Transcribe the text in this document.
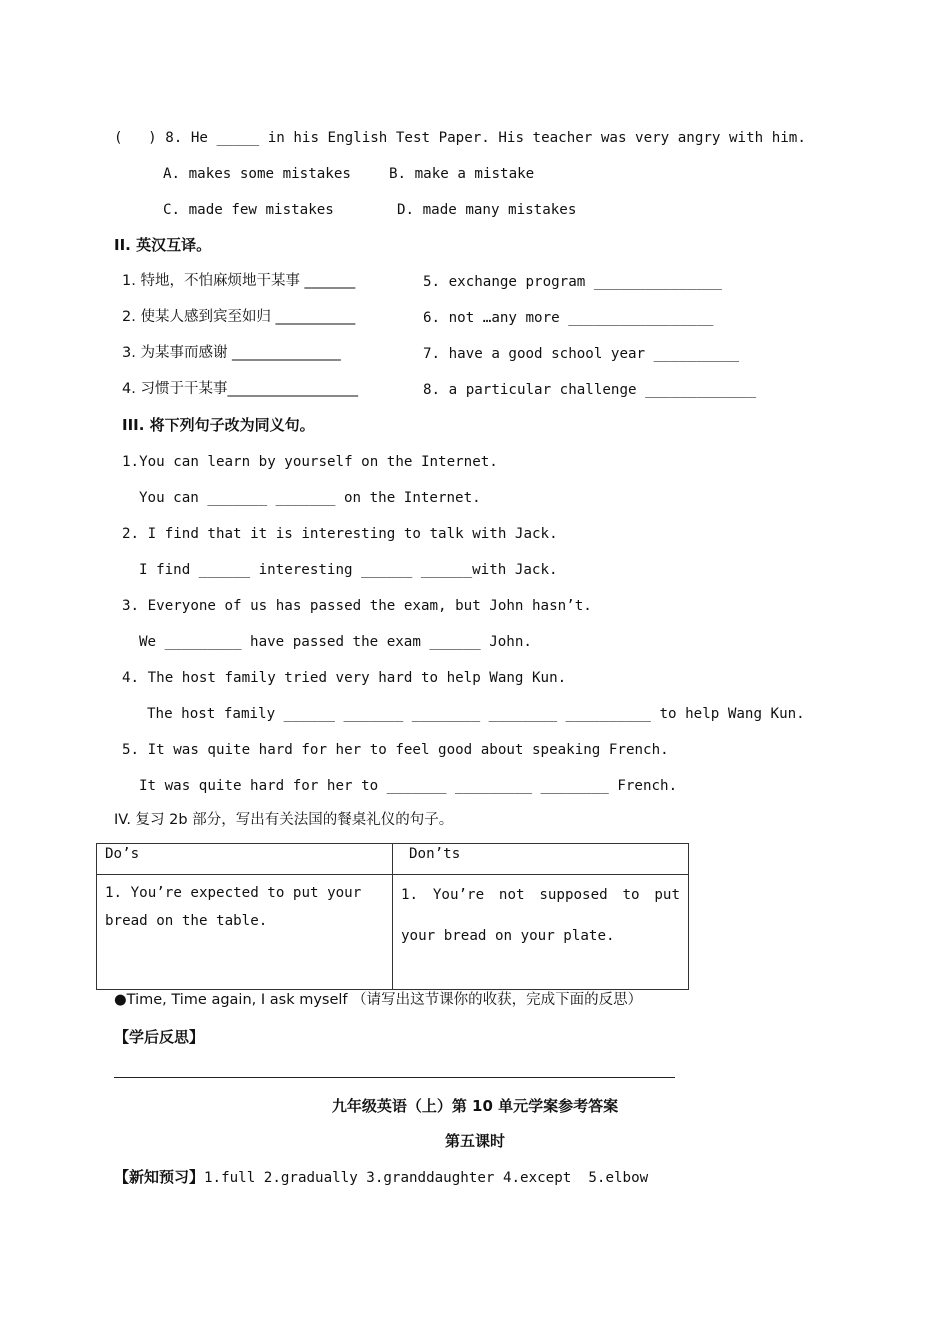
(   ) 8. He _____ in his English Test Paper. His teacher was very angry with him.
A. makes some mistakes	B. make a mistake
C. made few mistakes	D. made many mistakes
II. 英汉互译。
1. 特地，不怕麻烦地干某事 _______
2. 使某人感到宾至如归 ___________
3. 为某事而感谢 _______________
4. 习惯于干某事__________________
5. exchange program _______________
6. not …any more _________________
7. have a good school year __________
8. a particular challenge _____________
III. 将下列句子改为同义句。
1.You can learn by yourself on the Internet.
You can _______ _______ on the Internet.
2. I find that it is interesting to talk with Jack.
I find ______ interesting ______ ______with Jack.
3. Everyone of us has passed the exam, but John hasn’t.
We _________ have passed the exam ______ John.
4. The host family tried very hard to help Wang Kun.
The host family ______ _______ ________ ________ __________ to help Wang Kun.
5. It was quite hard for her to feel good about speaking French.
It was quite hard for her to _______ _________ ________ French.
IV. 复习 2b 部分，写出有关法国的餐桌礼仪的句子。
Do’s	Don’ts
1. You’re expected to put your bread on the table.	1. You’re not supposed to put your bread on your plate.
●Time, Time again, I ask myself （请写出这节课你的收获，完成下面的反思）
【学后反思】
九年级英语（上）第 10 单元学案参考答案
第五课时
【新知预习】1.full 2.gradually 3.granddaughter 4.except  5.elbow
